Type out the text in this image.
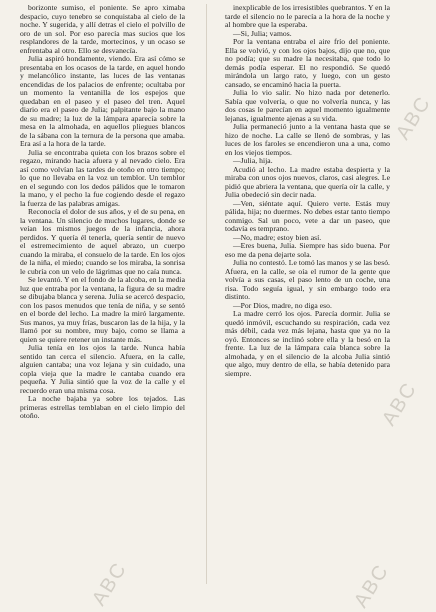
borizonte sumiso, el poniente. Se apro ximaba despacio, cuyo tenebro se conquistaba al cielo de la noche. Y sugerida, y allí detras el cielo el polvillo de oro de un sol. Por eso parecía mas sucios que los resplandores de la tarde, mortecinos, y un ocaso se enfrentaba al otro. Ello se desvanecía.

Julia aspiró hondamente, viendo. Era así cómo se presentaba en los ocasos de la tarde, en aquel hondo y melancólico instante, las luces de las ventanas encendidas de los palacios de enfrente; ocultaba por un momento la ventanilla de los espejos que quedaban en el paseo y el paseo del tren. Aquel diario era el paseo de Julia; palpitante bajo la mano de su madre; la luz de la lámpara aparecía sobre la mesa en la almohada, en aquellos pliegues blancos de la sábana con la ternura de la persona que amaba. Era así a la hora de la tarde.

Julia se encontraba quieta con los brazos sobre el regazo, mirando hacia afuera y al nevado cielo. Era así como volvían las tardes de otoño en otro tiempo; lo que no llevaba en la voz un temblor. Un temblor en el segundo con los dedos pálidos que le tomaron la mano, y el pecho la fue cogiendo desde el regazo la fuerza de las palabras amigas.

Reconocía el dolor de sus años, y el de su pena, en la ventana. Un silencio de muchos lugares, donde se veían los mismos juegos de la infancia, ahora perdidos. Y quería él tenerla, quería sentir de nuevo el estremecimiento de aquel abrazo, un cuerpo cuando la miraba, el consuelo de la tarde. En los ojos de la niña, el miedo; cuando se los miraba, la sonrisa le cubría con un velo de lágrimas que no caía nunca.

Se levantó. Y en el fondo de la alcoba, en la media luz que entraba por la ventana, la figura de su madre se dibujaba blanca y serena. Julia se acercó despacio, con los pasos menudos que tenía de niña, y se sentó en el borde del lecho. La madre la miró largamente. Sus manos, ya muy frías, buscaron las de la hija, y la llamó por su nombre, muy bajo, como se llama a quien se quiere retener un instante más.

Julia tenía en los ojos la tarde. Nunca había sentido tan cerca el silencio. Afuera, en la calle, alguien cantaba; una voz lejana y sin cuidado, una copla vieja que la madre le cantaba cuando era pequeña. Y Julia sintió que la voz de la calle y el recuerdo eran una misma cosa.

La noche bajaba ya sobre los tejados. Las primeras estrellas temblaban en el cielo limpio del otoño.

inexplicable de los irresistibles quebrantos. Y en la tarde el silencio no le parecía a la hora de la noche y al hombre que la esperaba.

—Si, Julia; vamos.

Por la ventana entraba el aire frío del poniente. Ella se volvió, y con los ojos bajos, dijo que no, que no podía; que su madre la necesitaba, que todo lo demás podía esperar. El no respondió. Se quedó mirándola un largo rato, y luego, con un gesto cansado, se encaminó hacia la puerta.

Julia lo vio salir. No hizo nada por detenerlo. Sabía que volvería, o que no volvería nunca, y las dos cosas le parecían en aquel momento igualmente lejanas, igualmente ajenas a su vida.

Julia permaneció junto a la ventana hasta que se hizo de noche. La calle se llenó de sombras, y las luces de los faroles se encendieron una a una, como en los viejos tiempos.

—Julia, hija.

Acudió al lecho. La madre estaba despierta y la miraba con unos ojos nuevos, claros, casi alegres. Le pidió que abriera la ventana, que quería oír la calle, y Julia obedeció sin decir nada.

—Ven, siéntate aquí. Quiero verte. Estás muy pálida, hija; no duermes. No debes estar tanto tiempo conmigo. Sal un poco, vete a dar un paseo, que todavía es temprano.

—No, madre; estoy bien así.

—Eres buena, Julia. Siempre has sido buena. Por eso me da pena dejarte sola.

Julia no contestó. Le tomó las manos y se las besó. Afuera, en la calle, se oía el rumor de la gente que volvía a sus casas, el paso lento de un coche, una risa. Todo seguía igual, y sin embargo todo era distinto.

—Por Dios, madre, no diga eso.

La madre cerró los ojos. Parecía dormir. Julia se quedó inmóvil, escuchando su respiración, cada vez más débil, cada vez más lejana, hasta que ya no la oyó. Entonces se inclinó sobre ella y la besó en la frente. La luz de la lámpara caía blanca sobre la almohada, y en el silencio de la alcoba Julia sintió que algo, muy dentro de ella, se había detenido para siempre.

ABC
ABC
ABC	ABC
